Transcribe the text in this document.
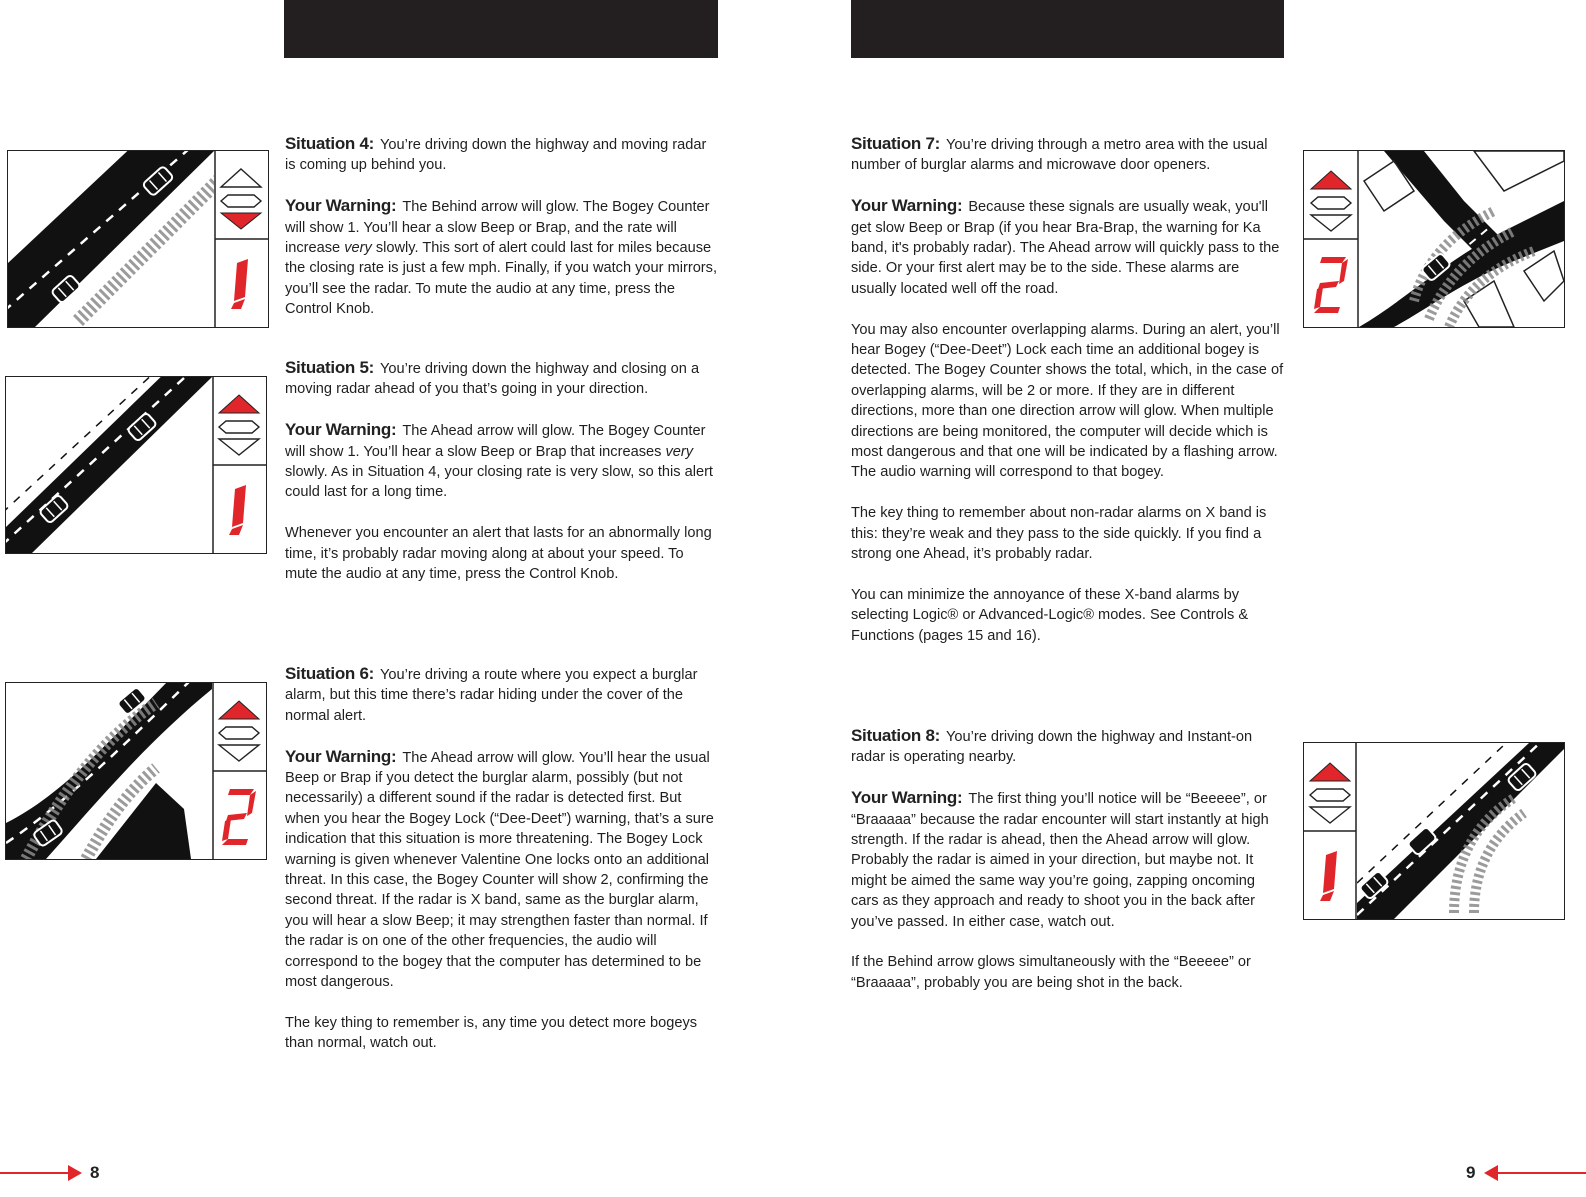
Situation 4: You’re driving down the highway and moving radar is coming up behind you.

Your Warning: The Behind arrow will glow. The Bogey Counter will show 1. You’ll hear a slow Beep or Brap, and the rate will increase very slowly. This sort of alert could last for miles because the closing rate is just a few mph. Finally, if you watch your mirrors, you’ll see the radar. To mute the audio at any time, press the Control Knob.

Situation 5: You’re driving down the highway and closing on a moving radar ahead of you that’s going in your direction.

Your Warning: The Ahead arrow will glow. The Bogey Counter will show 1. You’ll hear a slow Beep or Brap that increases very slowly. As in Situation 4, your closing rate is very slow, so this alert could last for a long time.

Whenever you encounter an alert that lasts for an abnormally long time, it’s probably radar moving along at about your speed. To mute the audio at any time, press the Control Knob.

Situation 6: You’re driving a route where you expect a burglar alarm, but this time there’s radar hiding under the cover of the normal alert.

Your Warning: The Ahead arrow will glow. You’ll hear the usual Beep or Brap if you detect the burglar alarm, possibly (but not necessarily) a different sound if the radar is detected first. But when you hear the Bogey Lock (“Dee-Deet”) warning, that’s a sure indication that this situation is more threatening. The Bogey Lock warning is given whenever Valentine One locks onto an additional threat. In this case, the Bogey Counter will show 2, confirming the second threat. If the radar is X band, same as the burglar alarm, you will hear a slow Beep; it may strengthen faster than normal. If the radar is on one of the other frequencies, the audio will correspond to the bogey that the computer has determined to be most dangerous.

The key thing to remember is, any time you detect more bogeys than normal, watch out.

8

Situation 7: You’re driving through a metro area with the usual number of burglar alarms and microwave door openers.

Your Warning: Because these signals are usually weak, you'll get slow Beep or Brap (if you hear Bra-Brap, the warning for Ka band, it's probably radar). The Ahead arrow will quickly pass to the side. Or your first alert may be to the side. These alarms are usually located well off the road.

You may also encounter overlapping alarms. During an alert, you’ll hear Bogey (“Dee-Deet”) Lock each time an additional bogey is detected. The Bogey Counter shows the total, which, in the case of overlapping alarms, will be 2 or more. If they are in different directions, more than one direction arrow will glow. When multiple directions are being monitored, the computer will decide which is most dangerous and that one will be indicated by a flashing arrow. The audio warning will correspond to that bogey.

The key thing to remember about non-radar alarms on X band is this: they’re weak and they pass to the side quickly. If you find a strong one Ahead, it’s probably radar.

You can minimize the annoyance of these X-band alarms by selecting Logic® or Advanced-Logic® modes. See Controls & Functions (pages 15 and 16).

Situation 8: You’re driving down the highway and Instant-on radar is operating nearby.

Your Warning: The first thing you’ll notice will be “Beeeee”, or “Braaaaa” because the radar encounter will start instantly at high strength. If the radar is ahead, then the Ahead arrow will glow. Probably the radar is aimed in your direction, but maybe not. It might be aimed the same way you’re going, zapping oncoming cars as they approach and ready to shoot you in the back after you’ve passed. In either case, watch out.

If the Behind arrow glows simultaneously with the “Beeeee” or “Braaaaa”, probably you are being shot in the back.

9
